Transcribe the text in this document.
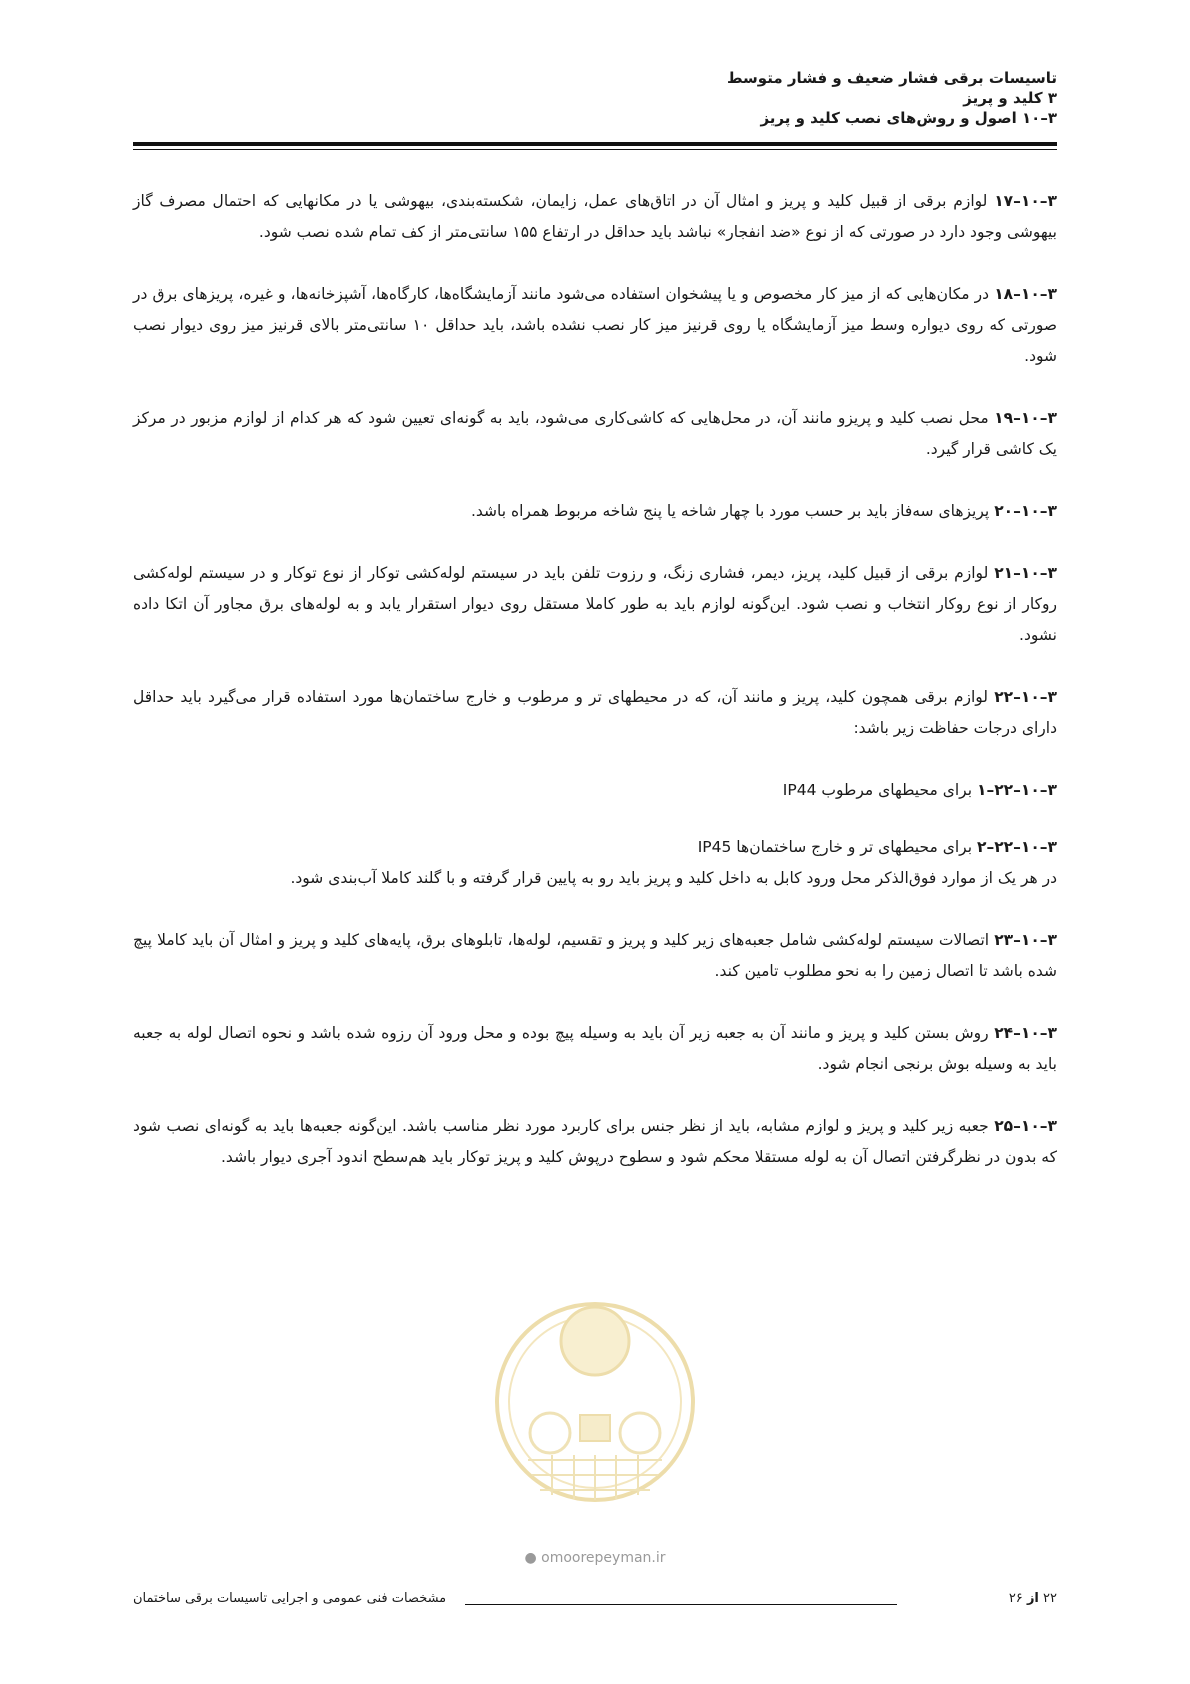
تاسیسات برقی فشار ضعیف و فشار متوسط
۳ کلید و پریز
۳–۱۰ اصول و روش‌های نصب کلید و پریز

۳–۱۰–۱۷ لوازم برقی از قبیل کلید و پریز و امثال آن در اتاق‌های عمل، زایمان، شکسته‌بندی، بیهوشی یا در مکانهایی که احتمال مصرف گاز بیهوشی وجود دارد در صورتی که از نوع «ضد انفجار» نباشد باید حداقل در ارتفاع ۱۵۵ سانتی‌متر از کف تمام شده نصب شود.

۳–۱۰–۱۸ در مکان‌هایی که از میز کار مخصوص و یا پیشخوان استفاده می‌شود مانند آزمایشگاه‌ها، کارگاه‌ها، آشپزخانه‌ها، و غیره، پریزهای برق در صورتی که روی دیواره وسط میز آزمایشگاه یا روی قرنیز میز کار نصب نشده باشد، باید حداقل ۱۰ سانتی‌متر بالای قرنیز میز روی دیوار نصب شود.

۳–۱۰–۱۹ محل نصب کلید و پریزو مانند آن، در محل‌هایی که کاشی‌کاری می‌شود، باید به گونه‌ای تعیین شود که هر کدام از لوازم مزبور در مرکز یک کاشی قرار گیرد.

۳–۱۰–۲۰ پریزهای سه‌فاز باید بر حسب مورد با چهار شاخه یا پنج شاخه مربوط همراه باشد.

۳–۱۰–۲۱ لوازم برقی از قبیل کلید، پریز، دیمر، فشاری زنگ، و رزوت تلفن باید در سیستم لوله‌کشی توکار از نوع توکار و در سیستم لوله‌کشی روکار از نوع روکار انتخاب و نصب شود. این‌گونه لوازم باید به طور کاملا مستقل روی دیوار استقرار یابد و به لوله‌های برق مجاور آن اتکا داده نشود.

۳–۱۰–۲۲ لوازم برقی همچون کلید، پریز و مانند آن، که در محیطهای تر و مرطوب و خارج ساختمان‌ها مورد استفاده قرار می‌گیرد باید حداقل دارای درجات حفاظت زیر باشد:

۳–۱۰–۲۲–۱ برای محیطهای مرطوب IP44

۳–۱۰–۲۲–۲ برای محیطهای تر و خارج ساختمان‌ها IP45

در هر یک از موارد فوق‌الذکر محل ورود کابل به داخل کلید و پریز باید رو به پایین قرار گرفته و با گلند کاملا آب‌بندی شود.

۳–۱۰–۲۳ اتصالات سیستم لوله‌کشی شامل جعبه‌های زیر کلید و پریز و تقسیم، لوله‌ها، تابلوهای برق، پایه‌های کلید و پریز و امثال آن باید کاملا پیچ شده باشد تا اتصال زمین را به نحو مطلوب تامین کند.

۳–۱۰–۲۴ روش بستن کلید و پریز و مانند آن به جعبه زیر آن باید به وسیله پیچ بوده و محل ورود آن رزوه شده باشد و نحوه اتصال لوله به جعبه باید به وسیله بوش برنجی انجام شود.

۳–۱۰–۲۵ جعبه زیر کلید و پریز و لوازم مشابه، باید از نظر جنس برای کاربرد مورد نظر مناسب باشد. این‌گونه جعبه‌ها باید به گونه‌ای نصب شود که بدون در نظرگرفتن اتصال آن به لوله مستقلا محکم شود و سطوح درپوش کلید و پریز توکار باید هم‌سطح اندود آجری دیوار باشد.

● omoorepeyman.ir
مشخصات فنی عمومی و اجرایی تاسیسات برقی ساختمان	۲۲ از ۲۶
